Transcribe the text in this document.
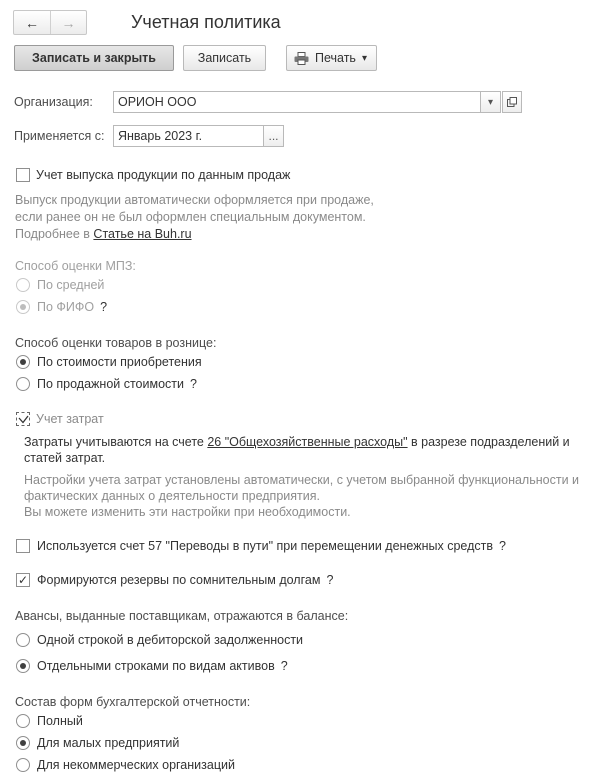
← →	Учетная политика
Записать и закрыть	Записать	Печать ▾
Организация:	ОРИОН ООО	▾
Применяется с:	Январь 2023 г.	...
Учет выпуска продукции по данным продаж
Выпуск продукции автоматически оформляется при продаже,
если ранее он не был оформлен специальным документом.
Подробнее в Статье на Buh.ru
Способ оценки МПЗ:
По средней
По ФИФО ?
Способ оценки товаров в рознице:
По стоимости приобретения
По продажной стоимости ?
Учет затрат
Затраты учитываются на счете 26 "Общехозяйственные расходы" в разрезе подразделений и
статей затрат.
Настройки учета затрат установлены автоматически, с учетом выбранной функциональности и
фактических данных о деятельности предприятия.
Вы можете изменить эти настройки при необходимости.
Используется счет 57 "Переводы в пути" при перемещении денежных средств ?
✓ Формируются резервы по сомнительным долгам ?
Авансы, выданные поставщикам, отражаются в балансе:
Одной строкой в дебиторской задолженности
Отдельными строками по видам активов ?
Состав форм бухгалтерской отчетности:
Полный
Для малых предприятий
Для некоммерческих организаций
